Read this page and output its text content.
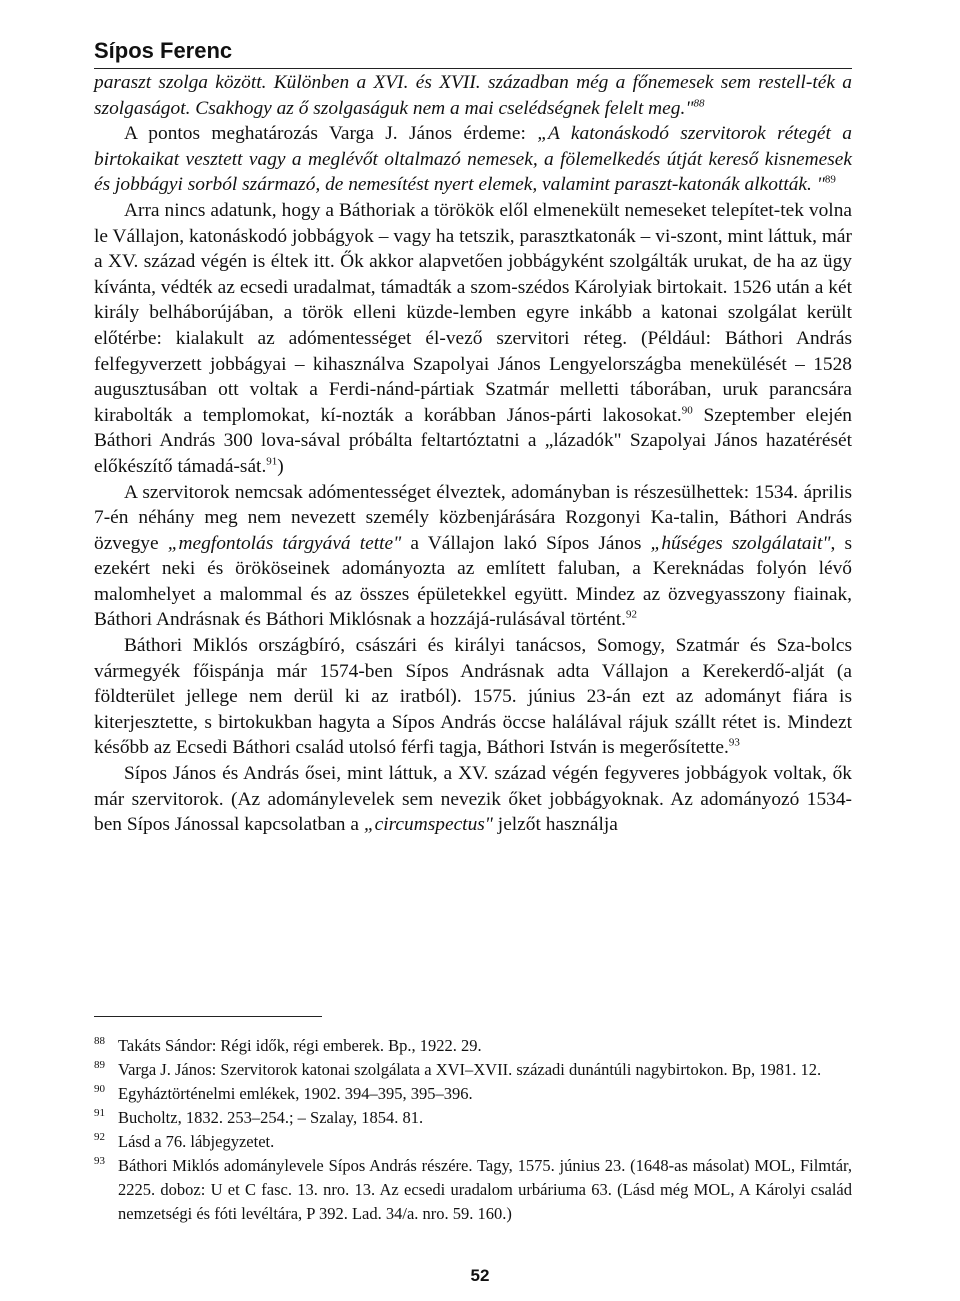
Sípos Ferenc

paraszt szolga között. Különben a XVI. és XVII. században még a főnemesek sem restell-ték a szolgaságot. Csakhogy az ő szolgaságuk nem a mai cselédségnek felelt meg."$^{88}$

A pontos meghatározás Varga J. János érdeme: „A katonáskodó szervitorok rétegét a birtokaikat vesztett vagy a meglévőt oltalmazó nemesek, a fölemelkedés útját kereső kisnemesek és jobbágyi sorból származó, de nemesítést nyert elemek, valamint paraszt-katonák alkották. "$^{89}$

Arra nincs adatunk, hogy a Báthoriak a törökök elől elmenekült nemeseket telepítet-tek volna le Vállajon, katonáskodó jobbágyok – vagy ha tetszik, parasztkatonák – vi-szont, mint láttuk, már a XV. század végén is éltek itt. Ők akkor alapvetően jobbágyként szolgálták urukat, de ha az ügy kívánta, védték az ecsedi uradalmat, támadták a szom-szédos Károlyiak birtokait. 1526 után a két király belháborújában, a török elleni küzde-lemben egyre inkább a katonai szolgálat került előtérbe: kialakult az adómentességet él-vező szervitori réteg. (Például: Báthori András felfegyverzett jobbágyai – kihasználva Szapolyai János Lengyelországba menekülését – 1528 augusztusában ott voltak a Ferdi-nánd-pártiak Szatmár melletti táborában, uruk parancsára kirabolták a templomokat, kí-nozták a korábban János-párti lakosokat.$^{90}$ Szeptember elején Báthori András 300 lova-sával próbálta feltartóztatni a „lázadók" Szapolyai János hazatérését előkészítő támadá-sát.$^{91}$)

A szervitorok nemcsak adómentességet élveztek, adományban is részesülhettek: 1534. április 7-én néhány meg nem nevezett személy közbenjárására Rozgonyi Ka-talin, Báthori András özvegye „megfontolás tárgyává tette" a Vállajon lakó Sípos János „hűséges szolgálatait", s ezekért neki és örököseinek adományozta az említett faluban, a Kereknádas folyón lévő malomhelyet a malommal és az összes épületekkel együtt. Mindez az özvegyasszony fiainak, Báthori Andrásnak és Báthori Miklósnak a hozzájá-rulásával történt.$^{92}$

Báthori Miklós országbíró, császári és királyi tanácsos, Somogy, Szatmár és Sza-bolcs vármegyék főispánja már 1574-ben Sípos Andrásnak adta Vállajon a Kerekerdő-alját (a földterület jellege nem derül ki az iratból). 1575. június 23-án ezt az adományt fiára is kiterjesztette, s birtokukban hagyta a Sípos András öccse halálával rájuk szállt rétet is. Mindezt később az Ecsedi Báthori család utolsó férfi tagja, Báthori István is megerősítette.$^{93}$

Sípos János és András ősei, mint láttuk, a XV. század végén fegyveres jobbágyok voltak, ők már szervitorok. (Az adománylevelek sem nevezik őket jobbágyoknak. Az adományozó 1534-ben Sípos Jánossal kapcsolatban a „circumspectus" jelzőt használja

88 Takáts Sándor: Régi idők, régi emberek. Bp., 1922. 29.
89 Varga J. János: Szervitorok katonai szolgálata a XVI–XVII. századi dunántúli nagybirtokon. Bp, 1981. 12.
90 Egyháztörténelmi emlékek, 1902. 394–395, 395–396.
91 Bucholtz, 1832. 253–254.; – Szalay, 1854. 81.
92 Lásd a 76. lábjegyzetet.
93 Báthori Miklós adománylevele Sípos András részére. Tagy, 1575. június 23. (1648-as másolat) MOL, Filmtár, 2225. doboz: U et C fasc. 13. nro. 13. Az ecsedi uradalom urbáriuma 63. (Lásd még MOL, A Károlyi család nemzetségi és fóti levéltára, P 392. Lad. 34/a. nro. 59. 160.)
52
